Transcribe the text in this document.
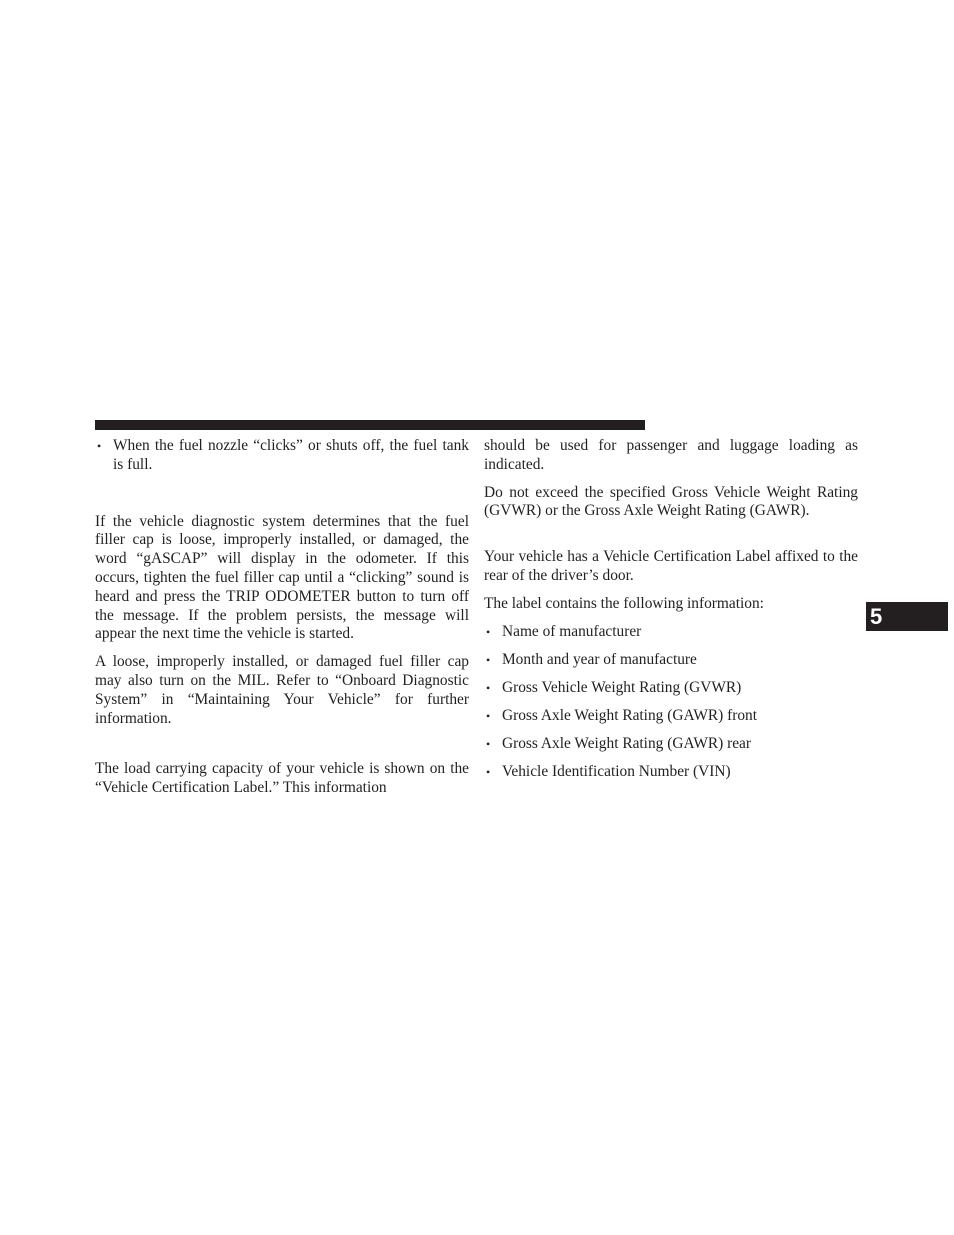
• When the fuel nozzle “clicks” or shuts off, the fuel tank is full.

If the vehicle diagnostic system determines that the fuel filler cap is loose, improperly installed, or damaged, the word “gASCAP” will display in the odometer. If this occurs, tighten the fuel filler cap until a “clicking” sound is heard and press the TRIP ODOMETER button to turn off the message. If the problem persists, the message will appear the next time the vehicle is started.

A loose, improperly installed, or damaged fuel filler cap may also turn on the MIL. Refer to “Onboard Diagnostic System” in “Maintaining Your Vehicle” for further information.

The load carrying capacity of your vehicle is shown on the “Vehicle Certification Label.” This information

should be used for passenger and luggage loading as indicated.

Do not exceed the specified Gross Vehicle Weight Rating (GVWR) or the Gross Axle Weight Rating (GAWR).

Your vehicle has a Vehicle Certification Label affixed to the rear of the driver’s door.

The label contains the following information:

• Name of manufacturer
• Month and year of manufacture
• Gross Vehicle Weight Rating (GVWR)
• Gross Axle Weight Rating (GAWR) front
• Gross Axle Weight Rating (GAWR) rear
• Vehicle Identification Number (VIN)
5
